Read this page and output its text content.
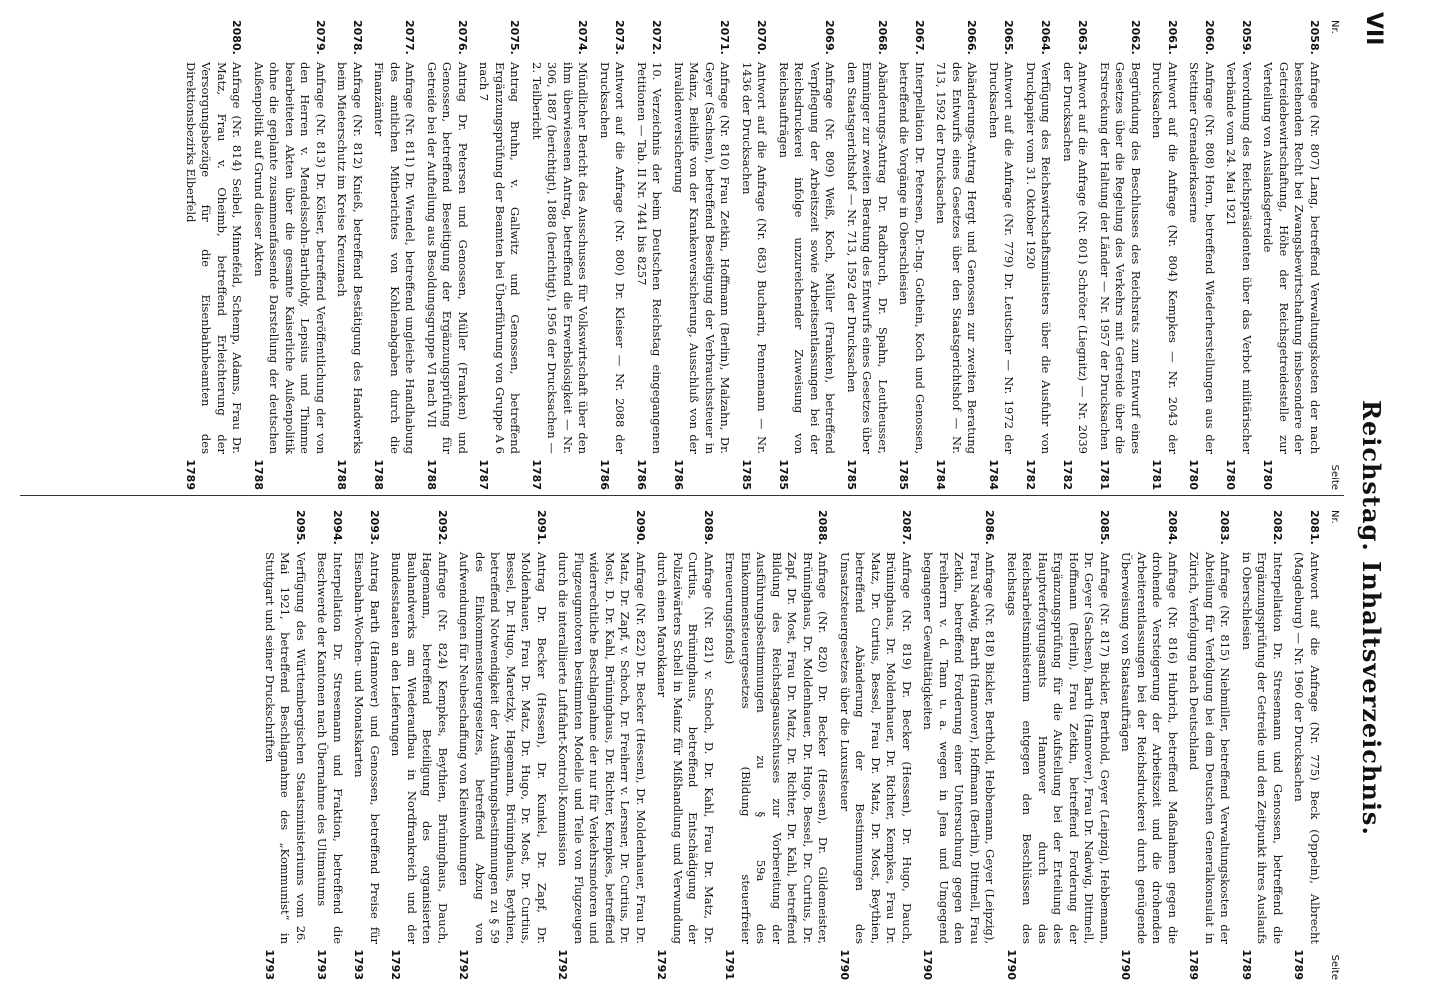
VII
Reichstag. Inhaltsverzeichnis.
Nr.
Seite
2081.
Antwort auf die Anfrage (Nr. 775) Beck (Oppeln), Albrecht (Magdeburg) — Nr. 1960 der Drucksachen
1789
2082.
Interpellation Dr. Stresemann und Genossen, betreffend die Ergänzungsprüfung der Getreide und den Zeitpunkt ihres Auslaufs in Oberschlesien
1789
2083.
Anfrage (Nr. 815) Niebmiller, betreffend Verwaltungskosten der Abteilung für Verfolgung bei dem Deutschen Generalkonsulat in Zürich, Verfolgung nach Deutschland
1789
2084.
Anfrage (Nr. 816) Hubrich, betreffend Maßnahmen gegen die drohende Versteigerung der Arbeitszeit und die drohenden Arbeiterentlassungen bei der Reichsdruckerei durch genügende Überweisung von Staatsaufträgen
1790
2085.
Anfrage (Nr. 817) Bickler, Berthold, Geyer (Leipzig), Hebbemann, Dr. Geyer (Sachsen), Barth (Hannover), Frau Dr. Nadwig, Dittmell, Hoffmann (Berlin), Frau Zetkin, betreffend Forderung der Ergänzungsprüfung für die Aufstellung bei der Erteilung des Hauptverforgungsamts Hannover durch das Reichsarbeitsministerium entgegen den Beschlüssen des Reichstags
1790
2086.
Anfrage (Nr. 818) Bickler, Berthold, Hebbemann, Geyer (Leipzig), Frau Nadwig, Barth (Hannover), Hoffmann (Berlin), Dittmell, Frau Zetkin, betreffend Forderung einer Untersuchung gegen den Freiherrn v. d. Tann u. a. wegen in Jena und Umgegend begangener Gewalttätigkeiten
1790
2087.
Anfrage (Nr. 819) Dr. Becker (Hessen), Dr. Hugo, Dauch, Brüninghaus, Dr. Moldenhauer, Dr. Richter, Kempkes, Frau Dr. Matz, Dr. Curtius, Bessel, Frau Dr. Matz, Dr. Most, Beythien, betreffend Abänderung der Bestimmungen des Umsatzsteuergesetzes über die Luxussteuer
1790
2088.
Anfrage (Nr. 820) Dr. Becker (Hessen), Dr. Gildemeister, Brüninghaus, Dr. Moldenhauer, Dr. Hugo, Bessel, Dr. Curtius, Dr. Zapf, Dr. Most, Frau Dr. Matz, Dr. Richter, Dr. Kahl, betreffend Bildung des Reichstagsausschusses zur Vorbereitung der Ausführungsbestimmungen zu § 59a des Einkommensteuergesetzes (Bildung steuerfreier Erneuerungsfonds)
1791
2089.
Anfrage (Nr. 821) v. Schoch, D. Dr. Kahl, Frau Dr. Matz, Dr. Curtius, Brüninghaus, betreffend Entschädigung der Polizeiwärters Schell in Mainz für Mißhandlung und Verwundung durch einen Marokkaner
1792
2090.
Anfrage (Nr. 822) Dr. Becker (Hessen), Dr. Moldenhauer, Frau Dr. Matz, Dr. Zapf, v. Schoch, Dr. Freiherr v. Lersner, Dr. Curtius, Dr. Most, D. Dr. Kahl, Brüninghaus, Dr. Richter, Kempkes, betreffend widerrechtliche Beschlagnahme der nur für Verkehrsmotoren und Flugzeugmotoren bestimmten Modelle und Teile von Flugzeugen durch die interalliierte Luftfahrt-Kontroll-Kommission
1792
2091.
Antrag Dr. Becker (Hessen), Dr. Kunkel, Dr. Zapf, Dr. Moldenhauer, Frau Dr. Matz, Dr. Hugo, Dr. Most, Dr. Curtius, Bessel, Dr. Hugo, Maretzky, Hagemann, Brüninghaus, Beythien, betreffend Notwendigkeit der Ausführungsbestimmungen zu § 59 des Einkommensteuergesetzes, betreffend Abzug von Aufwendungen für Neubeschaffung von Kleinwohnungen
1792
2092.
Anfrage (Nr. 824) Kempkes, Beythien, Brüninghaus, Dauch, Hagemann, betreffend Beteiligung des organisierten Bauhandwerks am Wiederaufbau in Nordfrankreich und der Bundesstaaten an den Lieferungen
1792
2093.
Antrag Barth (Hannover) und Genossen, betreffend Preise für Eisenbahn-Wochen- und Monatskarten
1793
2094.
Interpellation Dr. Stresemann und Fraktion, betreffend die Beschwerde der Kantonen nach Übernahme des Ultimatums
1793
2095.
Verfügung des Württembergischen Staatsministeriums vom 26. Mai 1921, betreffend Beschlagnahme des „Kommunist“ in Stuttgart und seiner Druckschriften
1793
Nr.
Seite
2058.
Anfrage (Nr. 807) Lang, betreffend Verwaltungskosten der nach bestehenden Recht bei Zwangsbewirtschaftung insbesondere der Getreidebewirtschaftung, Höhe der Reichsgetreidestelle zur Verteilung von Auslandsgetreide
1780
2059.
Verordnung des Reichspräsidenten über das Verbot militärischer Verbände vom 24. Mai 1921
1780
2060.
Anfrage (Nr. 808) Horn, betreffend Wiederherstellungen aus der Stettiner Grenadierkaserne
1780
2061.
Antwort auf die Anfrage (Nr. 804) Kempkes — Nr. 2043 der Drucksachen
1781
2062.
Begründung des Beschlusses des Reichsrats zum Entwurf eines Gesetzes über die Regelung des Verkehrs mit Getreide über die Erstreckung der Haltung der Länder — Nr. 1957 der Drucksachen
1781
2063.
Antwort auf die Anfrage (Nr. 801) Schröter (Liegnitz) — Nr. 2039 der Drucksachen
1782
2064.
Verfügung des Reichswirtschaftsministers über die Ausfuhr von Druckpapier vom 31. Oktober 1920
1782
2065.
Antwort auf die Anfrage (Nr. 779) Dr. Leutscher — Nr. 1972 der Drucksachen
1784
2066.
Abänderungs-Antrag Hergt und Genossen zur zweiten Beratung des Entwurfs eines Gesetzes über den Staatsgerichtshof — Nr. 713, 1592 der Drucksachen
1784
2067.
Interpellation Dr. Petersen, Dr.-Ing. Gothein, Koch und Genossen, betreffend die Vorgänge in Oberschlesien
1785
2068.
Abänderungs-Antrag Dr. Radbruch, Dr. Spahn, Leutheusser, Emminger zur zweiten Beratung des Entwurfs eines Gesetzes über den Staatsgerichtshof — Nr. 713, 1592 der Drucksachen
1785
2069.
Anfrage (Nr. 809) Weiß, Koch, Müller (Franken), betreffend Verpflegung der Arbeitszeit sowie Arbeitsentlassungen bei der Reichsdruckerei infolge unzureichender Zuweisung von Reichsaufträgen
1785
2070.
Antwort auf die Anfrage (Nr. 683) Bucharin, Pennemann — Nr. 1436 der Drucksachen
1785
2071.
Anfrage (Nr. 810) Frau Zetkin, Hoffmann (Berlin), Malzahn, Dr. Geyer (Sachsen), betreffend Beseitigung der Verbrauchssteuer in Mainz, Beihilfe von der Krankenversicherung, Ausschluß von der Invalidenversicherung
1786
2072.
10. Verzeichnis der beim Deutschen Reichstag eingegangenen Petitionen — Tab. II Nr. 7441 bis 8257
1786
2073.
Antwort auf die Anfrage (Nr. 800) Dr. Kleiser — Nr. 2088 der Drucksachen
1786
2074.
Mündlicher Bericht des Ausschusses für Volkswirtschaft über den ihm überwiesenen Antrag, betreffend die Erwerbslosigkeit — Nr. 306, 1887 (berichtigt), 1888 (berichtigt), 1956 der Drucksachen — 2. Teilbericht
1787
2075.
Antrag Bruhn, v. Gallwitz und Genossen, betreffend Ergänzungsprüfung der Beamten bei Überführung von Gruppe A 6 nach 7
1787
2076.
Antrag Dr. Petersen und Genossen, Müller (Franken) und Genossen, betreffend Beseitigung der Ergänzungsprüfung für Getreide bei der Aufteilung aus Besoldungsgruppe VI nach VII
1788
2077.
Anfrage (Nr. 811) Dr. Wiendel, betreffend ungleiche Handhabung des amtlichen Mitberichtes von Kohlenabgaben durch die Finanzämter
1788
2078.
Anfrage (Nr. 812) Knieß, betreffend Bestätigung des Handwerks beim Mieterschutz im Kreise Kreuznach
1788
2079.
Anfrage (Nr. 813) Dr. Kölser, betreffend Veröffentlichung der von den Herren v. Mendelssohn-Bartholdy, Lepsius und Thimme bearbeiteten Akten über die gesamte Kaiserliche Außenpolitik ohne die geplante zusammenfassende Darstellung der deutschen Außenpolitik auf Grund dieser Akten
1788
2080.
Anfrage (Nr. 814) Seibel, Minnefeld, Schemp, Adams, Frau Dr. Matz, Frau v. Oheimb, betreffend Erleichterung der Versorgungsbezüge für die Eisenbahnbeamten des Direktionsbezirks Elberfeld
1789
